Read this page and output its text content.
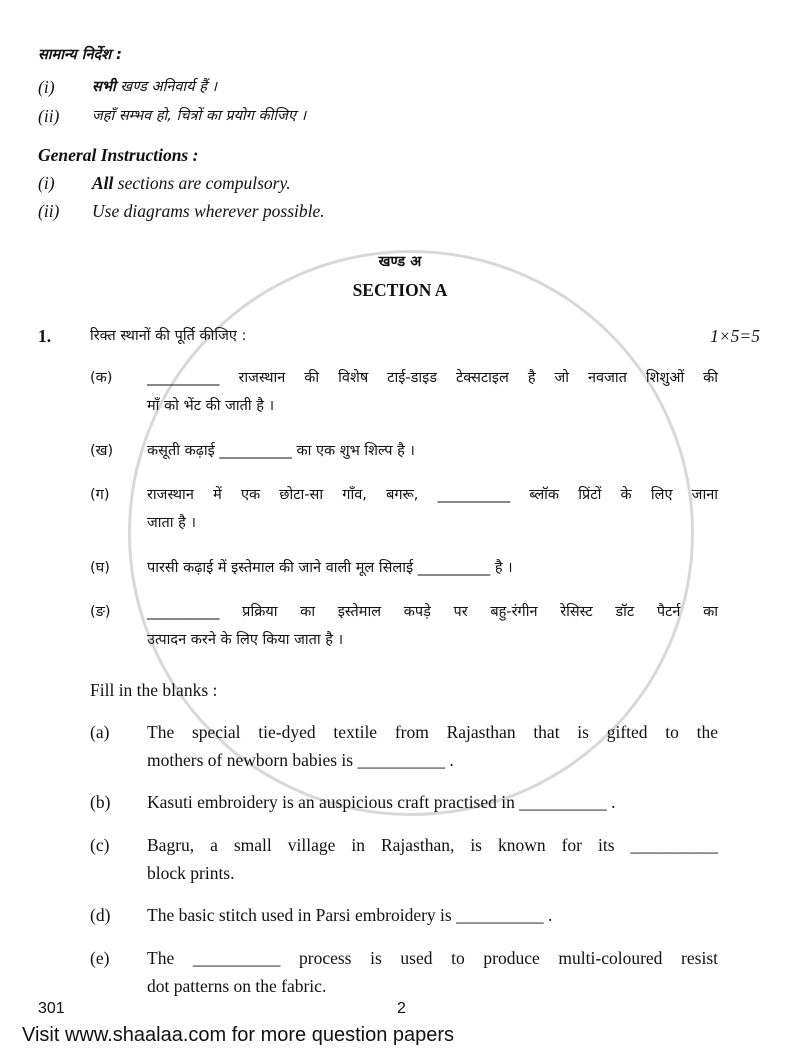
सामान्य निर्देश :
(i)	सभी खण्ड अनिवार्य हैं ।
(ii) जहाँ सम्भव हो, चित्रों का प्रयोग कीजिए ।
General Instructions :
(i) All sections are compulsory.
(ii) Use diagrams wherever possible.
खण्ड अ
SECTION A
1.	रिक्त स्थानों की पूर्ति कीजिए :	1×5=5
(क) __________ राजस्थान की विशेष टाई-डाइड टेक्सटाइल है जो नवजात शिशुओं की
माँ को भेंट की जाती है ।
(ख) कसूती कढ़ाई __________ का एक शुभ शिल्प है ।
(ग)	राजस्थान में एक छोटा-सा गाँव, बगरू, __________ ब्लॉक प्रिंटों के लिए जाना
जाता है ।
(घ)	पारसी कढ़ाई में इस्तेमाल की जाने वाली मूल सिलाई __________ है ।
(ङ)	__________ प्रक्रिया का इस्तेमाल कपड़े पर बहु-रंगीन रेसिस्ट डॉट पैटर्न का
उत्पादन करने के लिए किया जाता है ।
(a) The special tie-dyed textile from Rajasthan that is gifted to the
mothers of newborn babies is __________ .
(b) Kasuti embroidery is an auspicious craft practised in __________ .
(c) Bagru, a small village in Rajasthan, is known for its __________
block prints.
(d) The basic stitch used in Parsi embroidery is __________ .
(e) The __________ process is used to produce multi-coloured resist
dot patterns on the fabric.
Fill in the blanks :
301	2
Visit www.shaalaa.com for more question papers
